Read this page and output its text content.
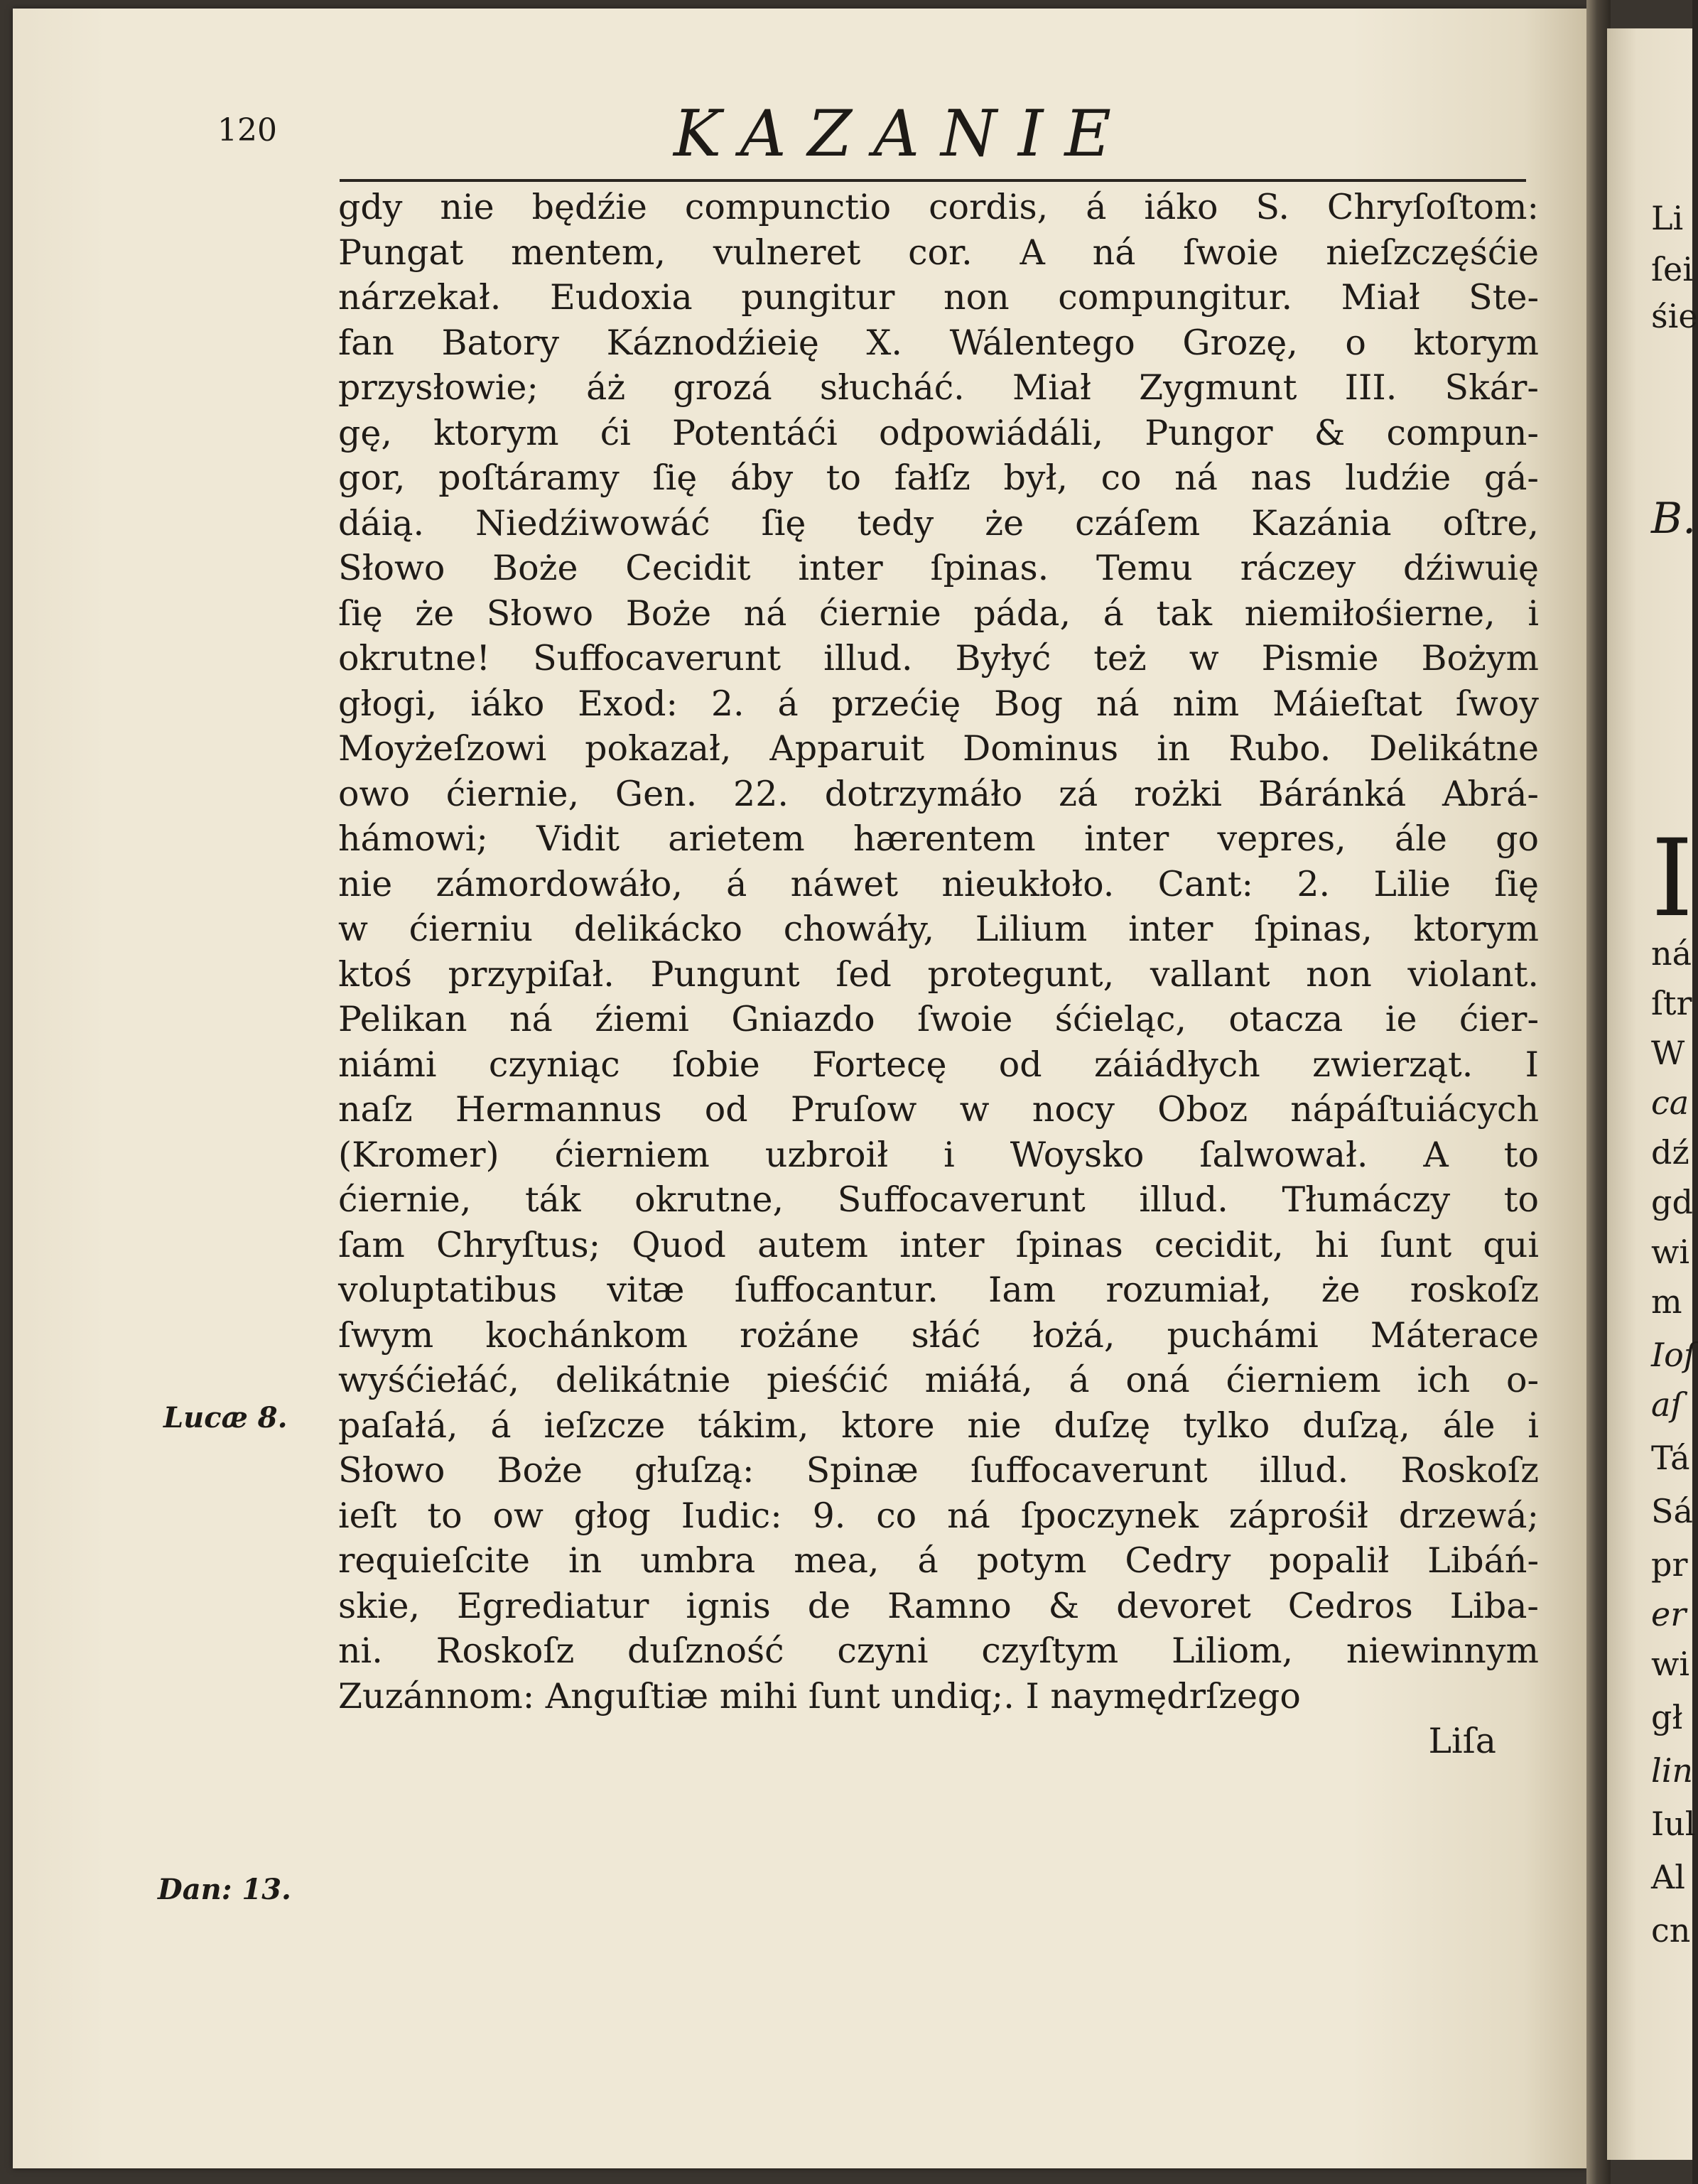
120	KAZANIE
gdy nie będźie compunctio cordis, á iáko S. Chryſoſtom:
Pungat mentem, vulneret cor. A ná ſwoie nieſzczęśćie
nárzekał. Eudoxia pungitur non compungitur. Miał Ste-
fan Batory Káznodźieię X. Wálentego Grozę, o ktorym
przysłowie; áż grozá słucháć. Miał Zygmunt III. Skár-
gę, ktorym ći Potentáći odpowiádáli, Pungor & compun-
gor, poſtáramy ſię áby to fałſz był, co ná nas ludźie gá-
dáią. Niedźiwowáć ſię tedy że czáſem Kazánia oſtre,
Słowo Boże Cecidit inter ſpinas. Temu ráczey dźiwuię
ſię że Słowo Boże ná ćiernie páda, á tak niemiłośierne, i
okrutne! Suffocaverunt illud. Byłyć też w Pismie Bożym
głogi, iáko Exod: 2. á przećię Bog ná nim Máieſtat ſwoy
Moyżeſzowi pokazał, Apparuit Dominus in Rubo. Delikátne
owo ćiernie, Gen. 22. dotrzymáło zá rożki Báránká Abrá-
hámowi; Vidit arietem hærentem inter vepres, ále go
nie zámordowáło, á náwet nieukłoło. Cant: 2. Lilie ſię
w ćierniu delikácko chowáły, Lilium inter ſpinas, ktorym
ktoś przypiſał. Pungunt ſed protegunt, vallant non violant.
Pelikan ná źiemi Gniazdo ſwoie śćieląc, otacza ie ćier-
niámi czyniąc ſobie Fortecę od záiádłych zwierząt. I
naſz Hermannus od Pruſow w nocy Oboz nápáſtuiácych
(Kromer) ćierniem uzbroił i Woysko ſalwował. A to
ćiernie, ták okrutne, Suffocaverunt illud. Tłumáczy to
ſam Chryſtus; Quod autem inter ſpinas cecidit, hi ſunt qui
voluptatibus vitæ ſuffocantur. Iam rozumiał, że roskoſz
ſwym kochánkom rożáne słáć łożá, puchámi Máterace
wyśćiełáć, delikátnie pieśćić miáłá, á oná ćierniem ich o-
paſałá, á ieſzcze tákim, ktore nie duſzę tylko duſzą, ále i
Słowo Boże głuſzą: Spinæ ſuffocaverunt illud. Roskoſz
ieſt to ow głog Iudic: 9. co ná ſpoczynek záprośił drzewá;
requieſcite in umbra mea, á potym Cedry popalił Libáń-
skie, Egrediatur ignis de Ramno & devoret Cedros Liba-
ni. Roskoſz duſzność czyni czyſtym Liliom, niewinnym
Zuzánnom: Anguſtiæ mihi ſunt undiq;. I naymędrſzego
Liſa
Lucæ 8.
Dan: 13.
Li
ſei
śie
B.
I
ná
ſtr
W
ca
dź
gd
wi
m
Ioſ
aſ
Tá
Sá
pr
er
wi
gł
lin
Iul
Al
cn
